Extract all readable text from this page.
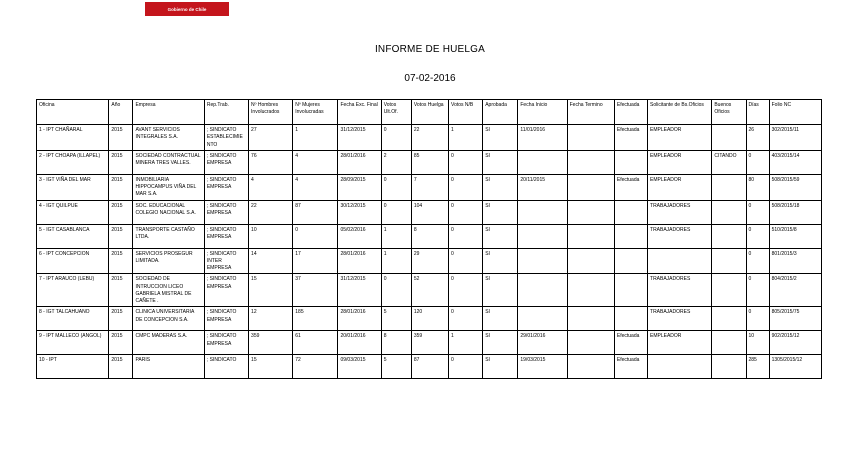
Gobierno de Chile
INFORME DE HUELGA
07-02-2016
Oficina	Año	Empresa	Rep.Trab.	Nº Hombres Involucrados	Nº Mujeres Involucradas	Fecha Exc. Final	Votos Ult.Of.	Votos Huelga	Votos N/B	Aprobada	Fecha Inicio	Fecha Termino	Efectuada	Solicitante de Bs.Oficios	Buenos Oficios	Días	Folio NC
1 - IPT CHAÑARAL	2015	AVANT SERVICIOS INTEGRALES S.A.	; SINDICATO ESTABLECIMIENTO	27	1	31/12/2015	0	22	1	SI	11/01/2016		Efectuada	EMPLEADOR		26	302/2015/11
2 - IPT CHOAPA (ILLAPEL)	2015	SOCIEDAD CONTRACTUAL MINERA TRES VALLES.	; SINDICATO EMPRESA	76	4	28/01/2016	2	85	0	SI				EMPLEADOR	CITANDO	0	403/2015/14
3 - IGT VIÑA DEL MAR	2015	INMOBILIARIA HIPPOCAMPUS VIÑA DEL MAR S.A.	; SINDICATO EMPRESA	4	4	28/09/2015	0	7	0	SI	20/11/2015		Efectuada	EMPLEADOR		80	508/2015/59
4 - IGT QUILPUE	2015	SOC. EDUCACIONAL COLEGIO NACIONAL S.A.	; SINDICATO EMPRESA	22	87	30/12/2015	0	104	0	SI				TRABAJADORES		0	508/2015/18
5 - IGT CASABLANCA	2015	TRANSPORTE CASTAÑO LTDA.	; SINDICATO EMPRESA	10	0	05/02/2016	1	8	0	SI				TRABAJADORES		0	510/2015/8
6 - IPT CONCEPCION	2015	SERVICIOS PROSEGUR LIMITADA.	; SINDICATO INTER EMPRESA	14	17	28/01/2016	1	29	0	SI						0	801/2015/3
7 - IPT ARAUCO (LEBU)	2015	SOCIEDAD DE INTRUCCION LICEO GABRIELA MISTRAL DE CAÑETE .	; SINDICATO EMPRESA	15	37	31/12/2015	0	52	0	SI				TRABAJADORES		0	804/2015/2
8 - IGT TALCAHUANO	2015	CLINICA UNIVERSITARIA DE CONCEPCION S.A.	; SINDICATO EMPRESA	12	185	28/01/2016	5	120	0	SI				TRABAJADORES		0	805/2015/75
9 - IPT MALLECO (ANGOL)	2015	CMPC MADERAS S.A.	; SINDICATO EMPRESA	359	61	20/01/2016	8	359	1	SI	29/01/2016		Efectuada	EMPLEADOR		10	902/2015/12
10 - IPT	2015	PARIS	; SINDICATO	15	72	09/03/2015	5	87	0	SI	19/03/2015		Efectuada			285	1305/2015/12
